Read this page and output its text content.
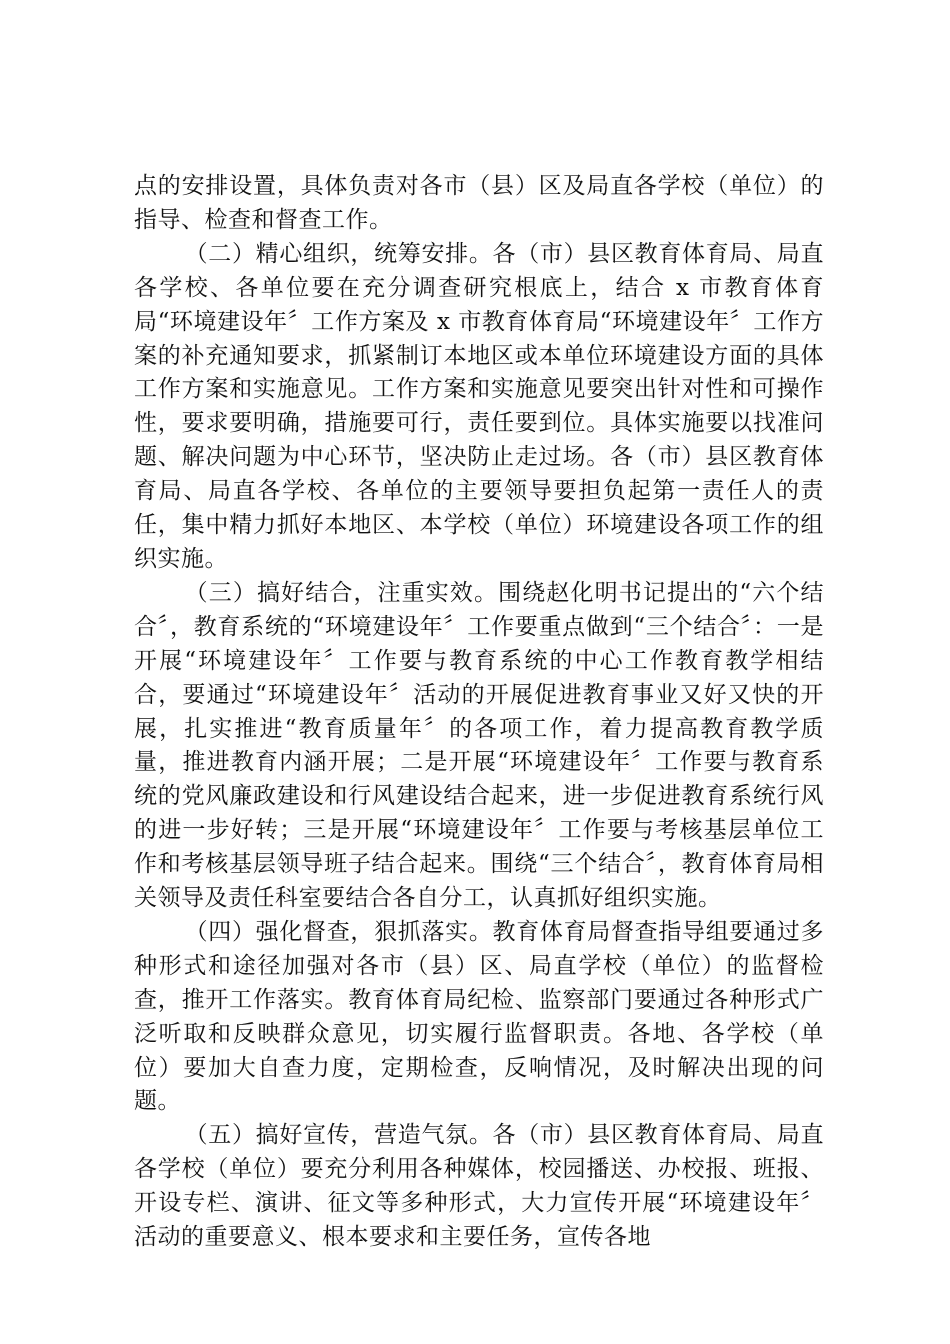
点的安排设置，具体负责对各市（县）区及局直各学校（单位）的指导、检查和督查工作。

（二）精心组织，统筹安排。各（市）县区教育体育局、局直各学校、各单位要在充分调查研究根底上，结合 x 市教育体育局“环境建设年〞工作方案及 x 市教育体育局“环境建设年〞工作方案的补充通知要求，抓紧制订本地区或本单位环境建设方面的具体工作方案和实施意见。工作方案和实施意见要突出针对性和可操作性，要求要明确，措施要可行，责任要到位。具体实施要以找准问题、解决问题为中心环节，坚决防止走过场。各（市）县区教育体育局、局直各学校、各单位的主要领导要担负起第一责任人的责任，集中精力抓好本地区、本学校（单位）环境建设各项工作的组织实施。

（三）搞好结合，注重实效。围绕赵化明书记提出的“六个结合〞，教育系统的“环境建设年〞工作要重点做到“三个结合〞：一是开展“环境建设年〞工作要与教育系统的中心工作教育教学相结合，要通过“环境建设年〞活动的开展促进教育事业又好又快的开展，扎实推进“教育质量年〞的各项工作，着力提高教育教学质量，推进教育内涵开展；二是开展“环境建设年〞工作要与教育系统的党风廉政建设和行风建设结合起来，进一步促进教育系统行风的进一步好转；三是开展“环境建设年〞工作要与考核基层单位工作和考核基层领导班子结合起来。围绕“三个结合〞，教育体育局相关领导及责任科室要结合各自分工，认真抓好组织实施。

（四）强化督查，狠抓落实。教育体育局督查指导组要通过多种形式和途径加强对各市（县）区、局直学校（单位）的监督检查，推开工作落实。教育体育局纪检、监察部门要通过各种形式广泛听取和反映群众意见，切实履行监督职责。各地、各学校（单位）要加大自查力度，定期检查，反响情况，及时解决出现的问题。

（五）搞好宣传，营造气氛。各（市）县区教育体育局、局直各学校（单位）要充分利用各种媒体，校园播送、办校报、班报、开设专栏、演讲、征文等多种形式，大力宣传开展“环境建设年〞活动的重要意义、根本要求和主要任务，宣传各地
